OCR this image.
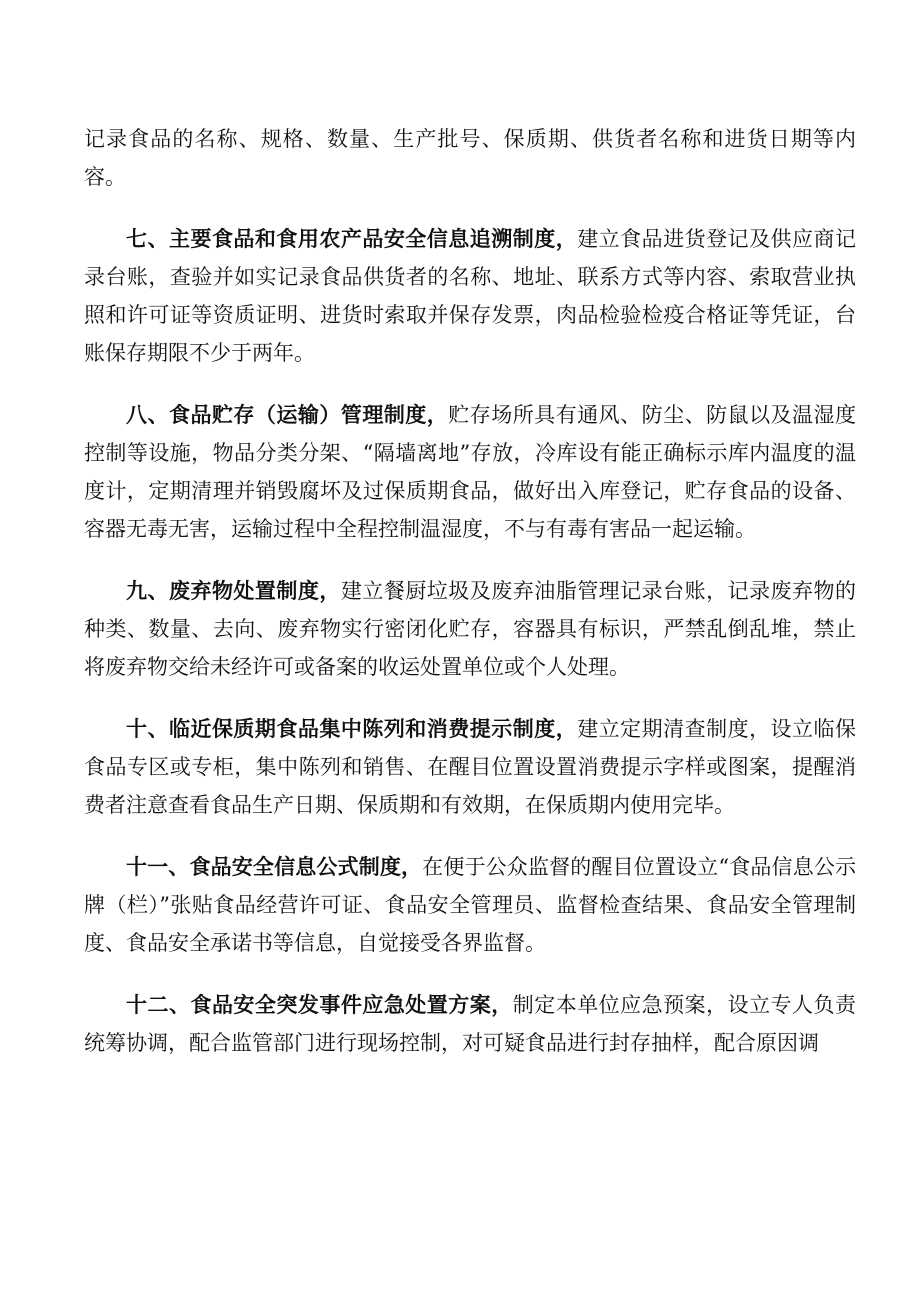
记录食品的名称、规格、数量、生产批号、保质期、供货者名称和进货日期等内容。

七、主要食品和食用农产品安全信息追溯制度，建立食品进货登记及供应商记录台账，查验并如实记录食品供货者的名称、地址、联系方式等内容、索取营业执照和许可证等资质证明、进货时索取并保存发票，肉品检验检疫合格证等凭证，台账保存期限不少于两年。

八、食品贮存（运输）管理制度，贮存场所具有通风、防尘、防鼠以及温湿度控制等设施，物品分类分架、“隔墙离地”存放，冷库设有能正确标示库内温度的温度计，定期清理并销毁腐坏及过保质期食品，做好出入库登记，贮存食品的设备、容器无毒无害，运输过程中全程控制温湿度，不与有毒有害品一起运输。

九、废弃物处置制度，建立餐厨垃圾及废弃油脂管理记录台账，记录废弃物的种类、数量、去向、废弃物实行密闭化贮存，容器具有标识，严禁乱倒乱堆，禁止将废弃物交给未经许可或备案的收运处置单位或个人处理。

十、临近保质期食品集中陈列和消费提示制度，建立定期清查制度，设立临保食品专区或专柜，集中陈列和销售、在醒目位置设置消费提示字样或图案，提醒消费者注意查看食品生产日期、保质期和有效期，在保质期内使用完毕。

十一、食品安全信息公式制度，在便于公众监督的醒目位置设立“食品信息公示牌（栏）”张贴食品经营许可证、食品安全管理员、监督检查结果、食品安全管理制度、食品安全承诺书等信息，自觉接受各界监督。

十二、食品安全突发事件应急处置方案，制定本单位应急预案，设立专人负责统筹协调，配合监管部门进行现场控制，对可疑食品进行封存抽样，配合原因调
